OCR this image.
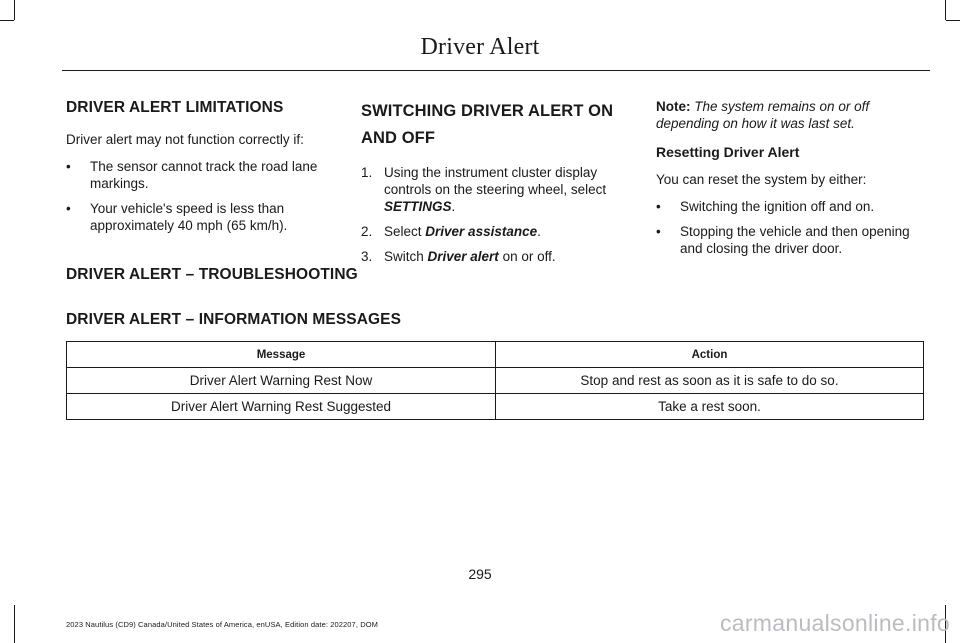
Driver Alert
DRIVER ALERT LIMITATIONS

Driver alert may not function correctly if:

• The sensor cannot track the road lane markings.
• Your vehicle's speed is less than approximately 40 mph (65 km/h).
SWITCHING DRIVER ALERT ON
AND OFF
1. Using the instrument cluster display controls on the steering wheel, select SETTINGS.
2. Select Driver assistance.
3. Switch Driver alert on or off.

Note: The system remains on or off depending on how it was last set.

Resetting Driver Alert

You can reset the system by either:

• Switching the ignition off and on.
• Stopping the vehicle and then opening and closing the driver door.
DRIVER ALERT – TROUBLESHOOTING
DRIVER ALERT – INFORMATION MESSAGES
Message	Action
Driver Alert Warning Rest Now	Stop and rest as soon as it is safe to do so.
Driver Alert Warning Rest Suggested	Take a rest soon.
295
2023 Nautilus (CD9) Canada/United States of America, enUSA, Edition date: 202207, DOM	carmanualsonline.info
